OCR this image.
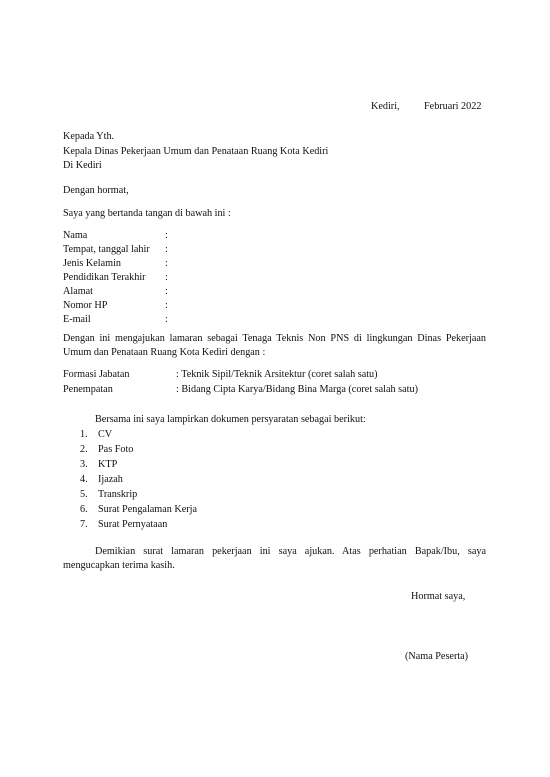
Kediri, Februari 2022
Kepada Yth.
Kepala Dinas Pekerjaan Umum dan Penataan Ruang Kota Kediri
Di Kediri
Dengan hormat,
Saya yang bertanda tangan di bawah ini :
Nama	:
Tempat, tanggal lahir :
Jenis Kelamin	:
Pendidikan Terakhir :
Alamat	:
Nomor HP	:
E-mail	:
Dengan ini mengajukan lamaran sebagai Tenaga Teknis Non PNS di lingkungan Dinas Pekerjaan Umum dan Penataan Ruang Kota Kediri dengan :
Formasi Jabatan	: Teknik Sipil/Teknik Arsitektur (coret salah satu)
Penempatan	: Bidang Cipta Karya/Bidang Bina Marga (coret salah satu)
Bersama ini saya lampirkan dokumen persyaratan sebagai berikut:
1. CV
2. Pas Foto
3. KTP
4. Ijazah
5. Transkrip
6. Surat Pengalaman Kerja
7. Surat Pernyataan
Demikian surat lamaran pekerjaan ini saya ajukan. Atas perhatian Bapak/Ibu, saya mengucapkan terima kasih.
Hormat saya,
(Nama Peserta)
